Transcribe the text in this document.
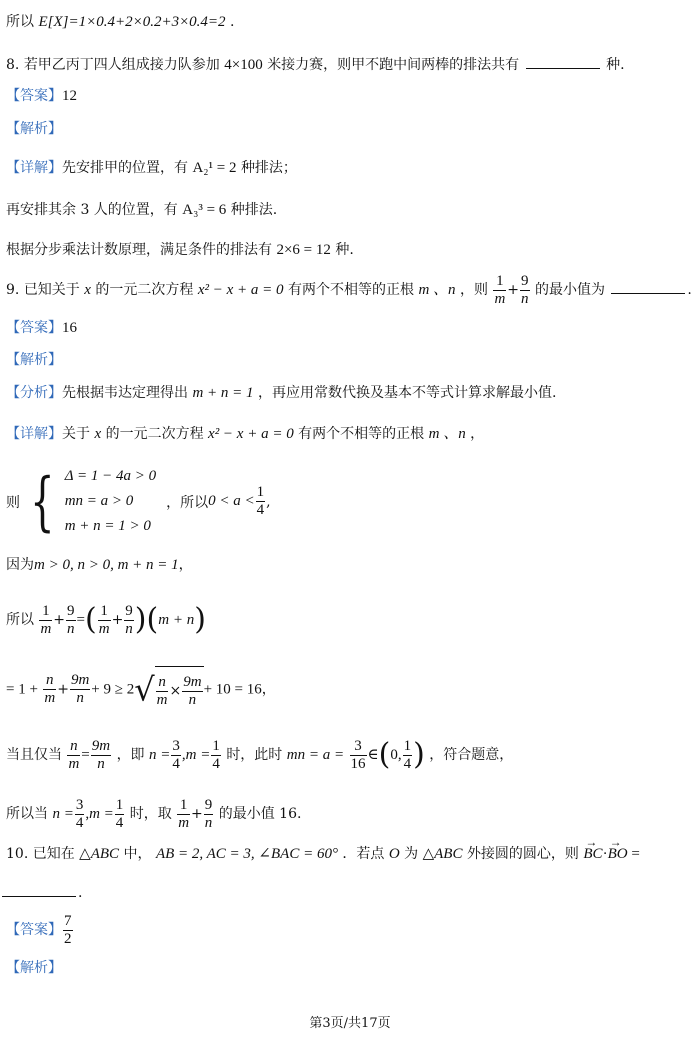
所以 E[X]=1×0.4+2×0.2+3×0.4=2 .
8. 若甲乙丙丁四人组成接力队参加 4×100 米接力赛，则甲不跑中间两棒的排法共有	种.
【答案】12
【解析】
【详解】先安排甲的位置，有 A₂¹ = 2 种排法；
再安排其余 3 人的位置，有 A₃³ = 6 种排法.
根据分步乘法计数原理，满足条件的排法有 2×6 = 12 种.
9. 已知关于 x 的一元二次方程 x² − x + a = 0 有两个不相等的正根 m 、n ，则 $\frac{1}{m} + \frac{9}{n}$ 的最小值为	.
【答案】16
【解析】
【分析】先根据韦达定理得出 m + n = 1 ，再应用常数代换及基本不等式计算求解最小值.
【详解】关于 x 的一元二次方程 x² − x + a = 0 有两个不相等的正根 m 、n ，
则 { Δ = 1 − 4a > 0
mn = a > 0
m + n = 1 > 0
，所以 $0 < a < \frac{1}{4}$ ,
因为m > 0, n > 0, m + n = 1，
所以 $\frac{1}{m} + \frac{9}{n}$ =( $\frac{1}{m} + \frac{9}{n} )(m + n)$
= $1 + \frac{n}{m} + \frac{9m}{n} + 9 \ge 2√ \frac{n}{m} \times \frac{9m}{n} + 10 = 16$，
当且仅当 $\frac{n}{m} = \frac{9m}{n}$ ，即 $n = \frac{3}{4} ,m = \frac{1}{4}$ 时，此时 mn = $a = \frac{3}{16}$ ∈(0, $\frac{1}{4}$ ) ，符合题意，
所以当 $n = \frac{3}{4} ,m = \frac{1}{4}$ 时，取 $\frac{1}{m} + \frac{9}{n}$ 的最小值 16.
10. 已知在 △ABC 中， AB = 2, AC = 3, ∠BAC = 60° ．若点 O 为 △ABC 外接圆的圆心，则 → BC·→ BO =
.
【答案】 $\frac{7}{2}$
【解析】
第3页/共17页
